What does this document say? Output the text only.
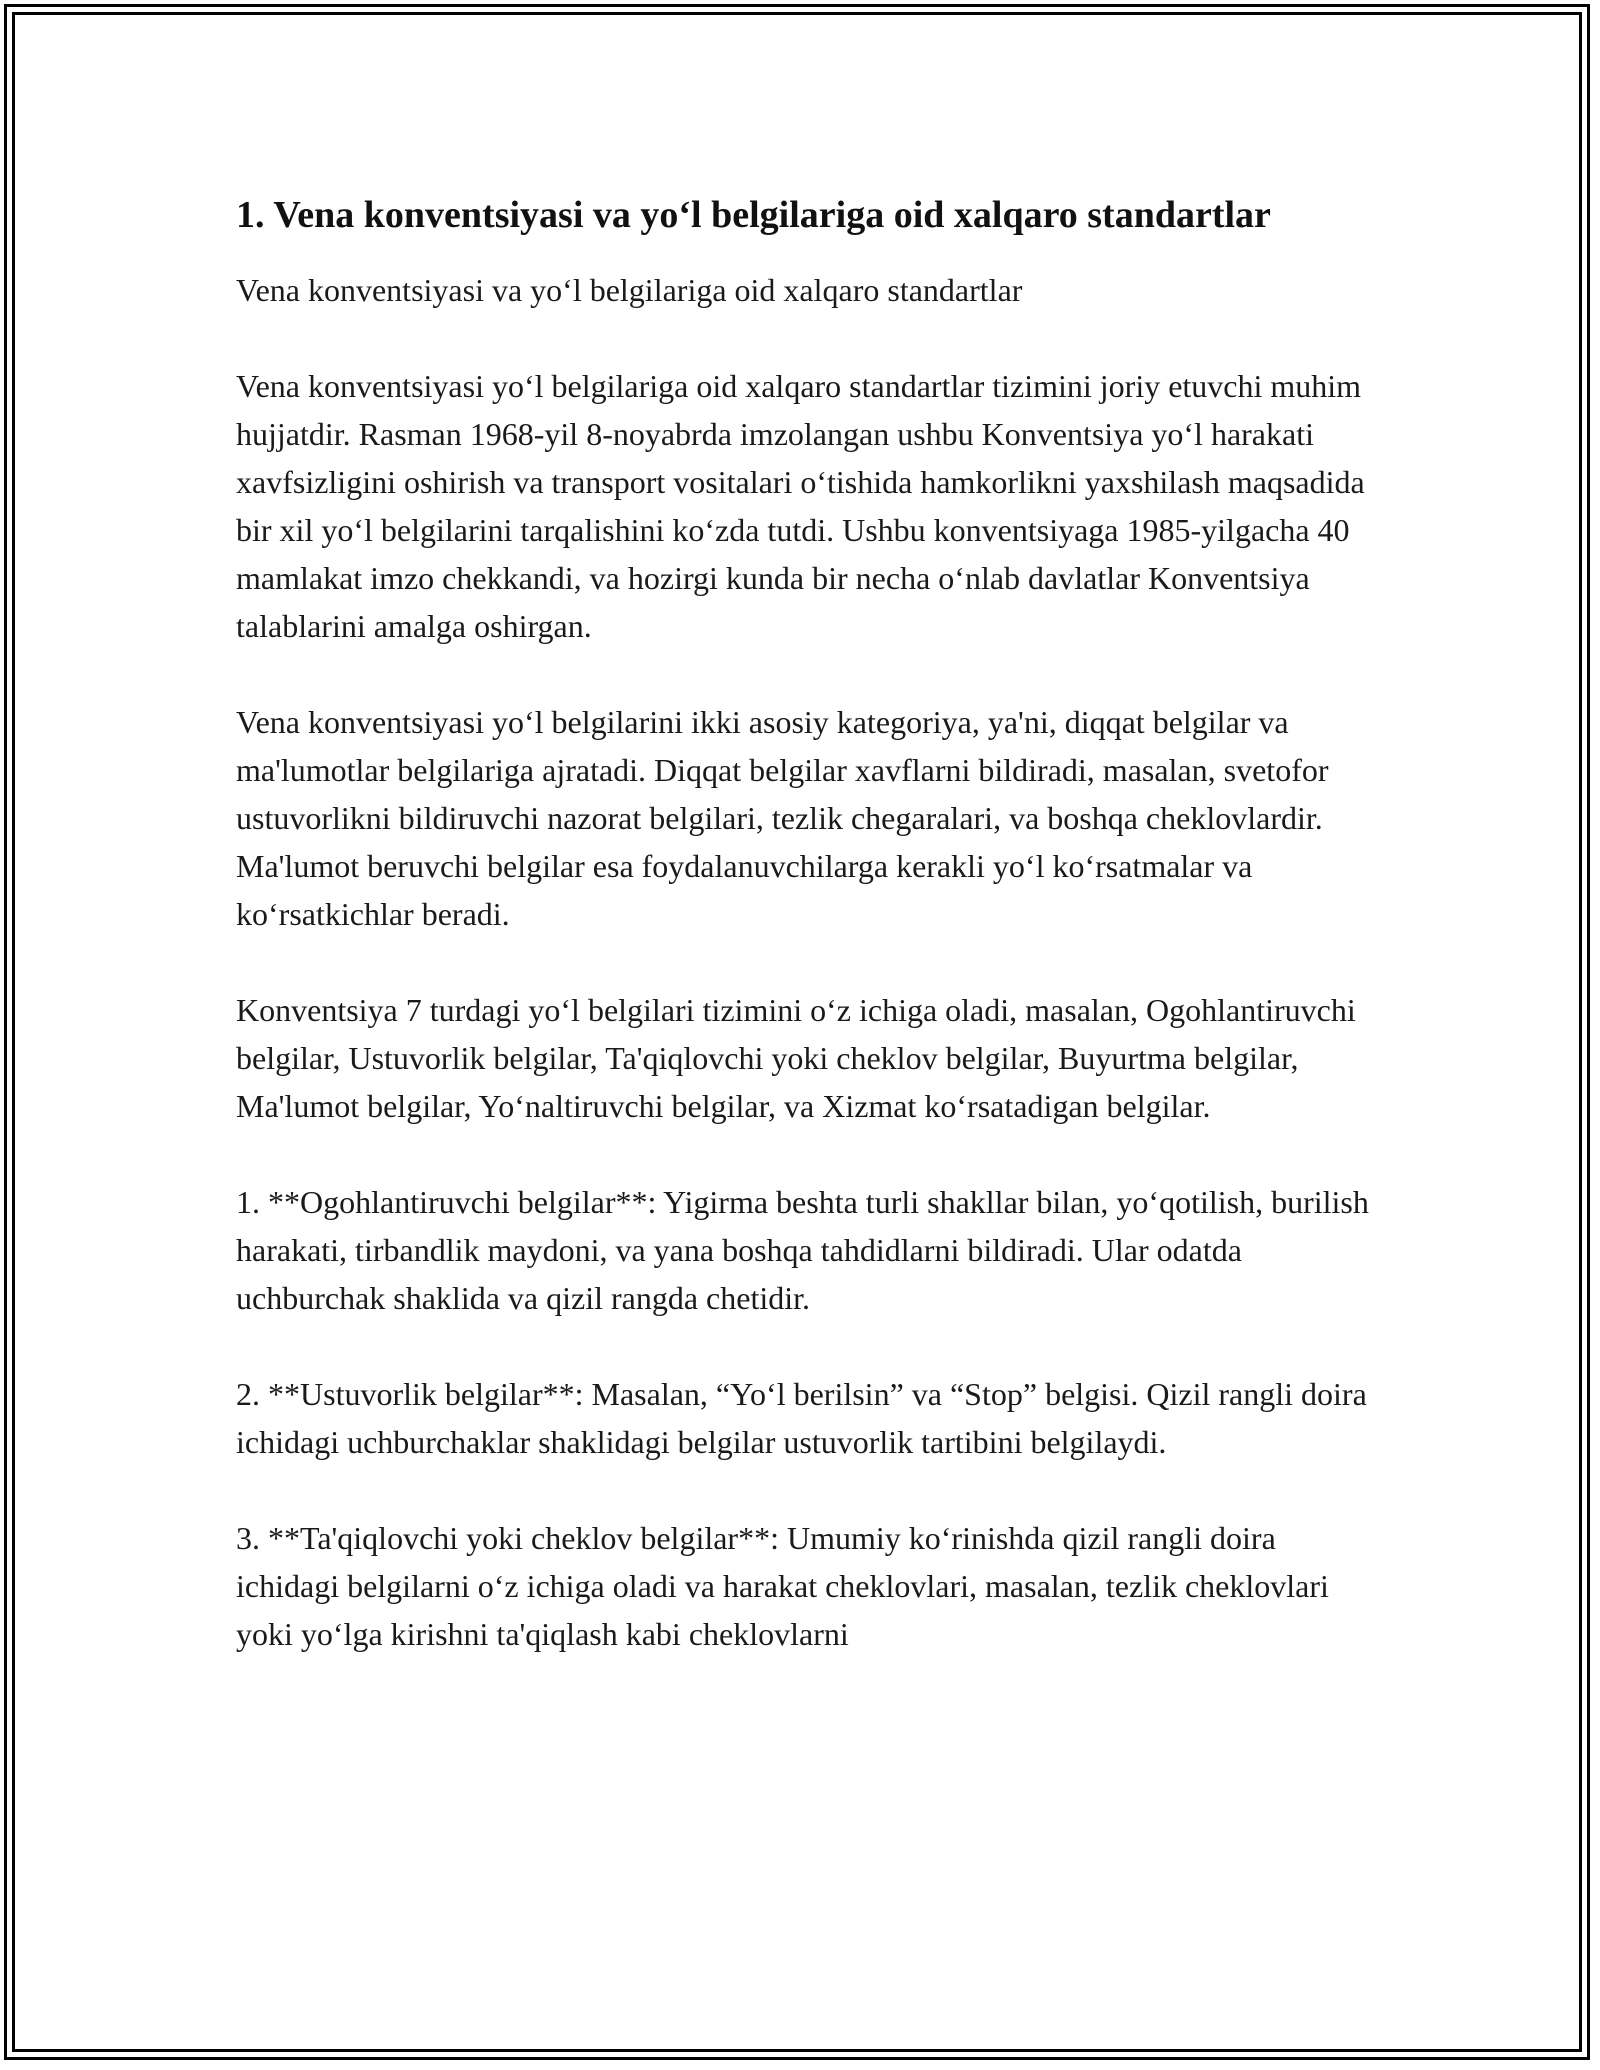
1. Vena konventsiyasi va yo‘l belgilariga oid xalqaro standartlar

Vena konventsiyasi va yo‘l belgilariga oid xalqaro standartlar

Vena konventsiyasi yo‘l belgilariga oid xalqaro standartlar tizimini joriy etuvchi muhim hujjatdir. Rasman 1968-yil 8-noyabrda imzolangan ushbu Konventsiya yo‘l harakati xavfsizligini oshirish va transport vositalari o‘tishida hamkorlikni yaxshilash maqsadida bir xil yo‘l belgilarini tarqalishini ko‘zda tutdi. Ushbu konventsiyaga 1985-yilgacha 40 mamlakat imzo chekkandi, va hozirgi kunda bir necha o‘nlab davlatlar Konventsiya talablarini amalga oshirgan.

Vena konventsiyasi yo‘l belgilarini ikki asosiy kategoriya, ya'ni, diqqat belgilar va ma'lumotlar belgilariga ajratadi. Diqqat belgilar xavflarni bildiradi, masalan, svetofor ustuvorlikni bildiruvchi nazorat belgilari, tezlik chegaralari, va boshqa cheklovlardir. Ma'lumot beruvchi belgilar esa foydalanuvchilarga kerakli yo‘l ko‘rsatmalar va ko‘rsatkichlar beradi.

Konventsiya 7 turdagi yo‘l belgilari tizimini o‘z ichiga oladi, masalan, Ogohlantiruvchi belgilar, Ustuvorlik belgilar, Ta'qiqlovchi yoki cheklov belgilar, Buyurtma belgilar, Ma'lumot belgilar, Yo‘naltiruvchi belgilar, va Xizmat ko‘rsatadigan belgilar.

1. **Ogohlantiruvchi belgilar**: Yigirma beshta turli shakllar bilan, yo‘qotilish, burilish harakati, tirbandlik maydoni, va yana boshqa tahdidlarni bildiradi. Ular odatda uchburchak shaklida va qizil rangda chetidir.

2. **Ustuvorlik belgilar**: Masalan, “Yo‘l berilsin” va “Stop” belgisi. Qizil rangli doira ichidagi uchburchaklar shaklidagi belgilar ustuvorlik tartibini belgilaydi.

3. **Ta'qiqlovchi yoki cheklov belgilar**: Umumiy ko‘rinishda qizil rangli doira ichidagi belgilarni o‘z ichiga oladi va harakat cheklovlari, masalan, tezlik cheklovlari yoki yo‘lga kirishni ta'qiqlash kabi cheklovlarni
